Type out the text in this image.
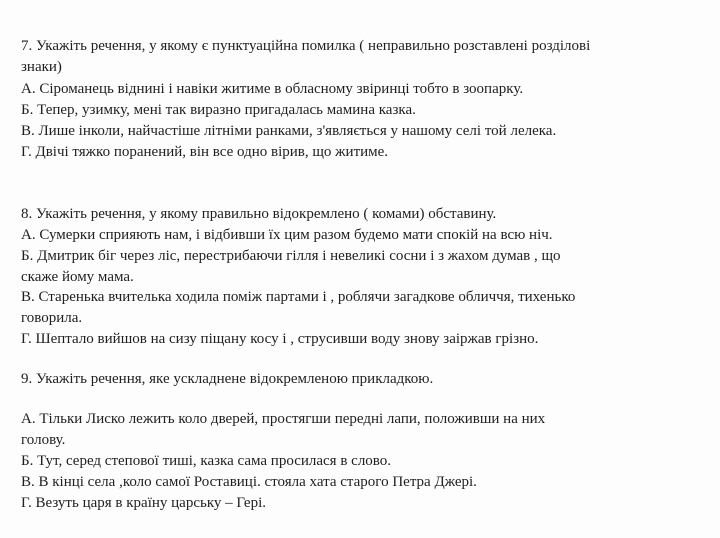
7. Укажіть речення, у якому є пунктуаційна помилка ( неправильно розставлені розділові
знаки)
А. Сіроманець віднині і навіки житиме в обласному звіринці тобто в зоопарку.
Б. Тепер, узимку, мені так виразно пригадалась мамина казка.
В. Лише інколи, найчастіше літніми ранками, з'являється у нашому селі той лелека.
Г. Двічі тяжко поранений, він все одно вірив, що житиме.
8. Укажіть речення, у якому правильно відокремлено ( комами) обставину.
А. Сумерки сприяють нам, і відбивши їх цим разом будемо мати спокій на всю ніч.
Б. Дмитрик біг через ліс, перестрибаючи гілля і невеликі сосни і з жахом думав , що
скаже йому мама.
В. Старенька вчителька ходила поміж партами і , роблячи загадкове обличчя, тихенько
говорила.
Г. Шептало вийшов на сизу піщану косу і , струсивши воду знову заіржав грізно.
9. Укажіть речення, яке ускладнене відокремленою прикладкою.
А. Тільки Лиско лежить коло дверей, простягши передні лапи, положивши на них
голову.
Б. Тут, серед степової тиші, казка сама просилася в слово.
В. В кінці села ,коло самої Роставиці. стояла хата старого Петра Джері.
Г. Везуть царя в країну царську – Гері.
